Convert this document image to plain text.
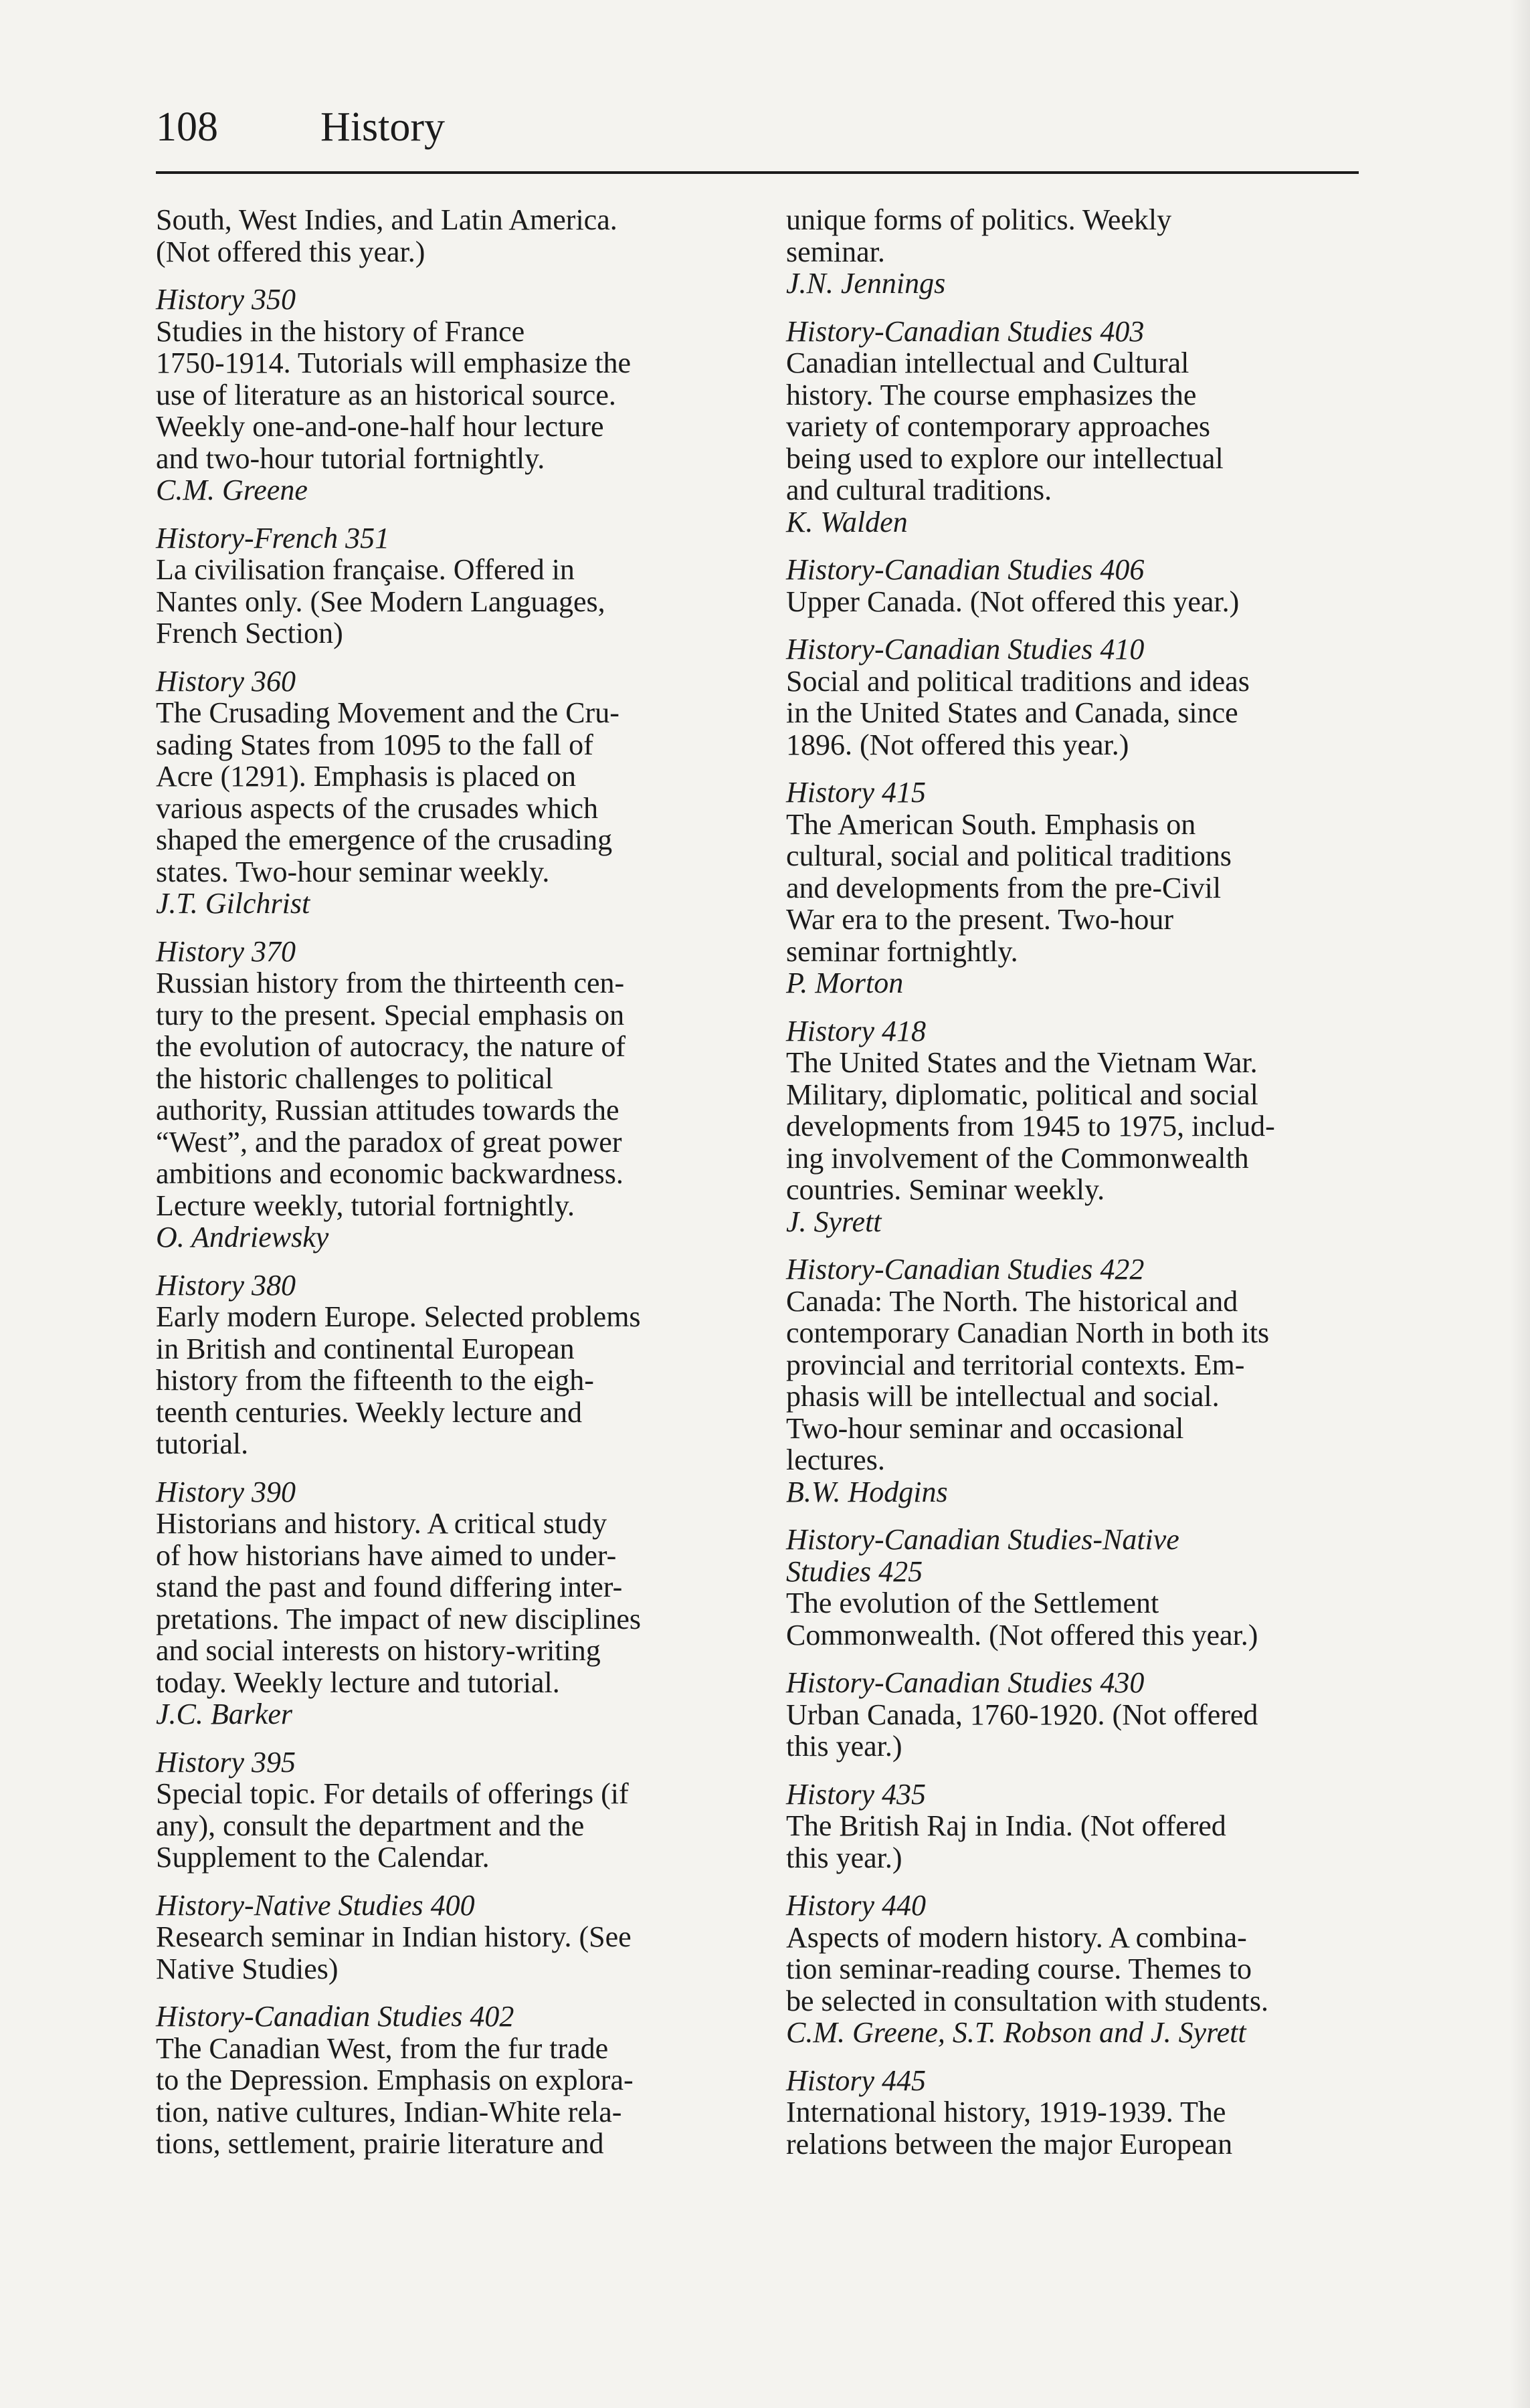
108 History
South, West Indies, and Latin America.
(Not offered this year.)
History 350
Studies in the history of France
1750-1914. Tutorials will emphasize the
use of literature as an historical source.
Weekly one-and-one-half hour lecture
and two-hour tutorial fortnightly.
C.M. Greene
History-French 351
La civilisation française. Offered in
Nantes only. (See Modern Languages,
French Section)
History 360
The Crusading Movement and the Cru-
sading States from 1095 to the fall of
Acre (1291). Emphasis is placed on
various aspects of the crusades which
shaped the emergence of the crusading
states. Two-hour seminar weekly.
J.T. Gilchrist
History 370
Russian history from the thirteenth cen-
tury to the present. Special emphasis on
the evolution of autocracy, the nature of
the historic challenges to political
authority, Russian attitudes towards the
“West”, and the paradox of great power
ambitions and economic backwardness.
Lecture weekly, tutorial fortnightly.
O. Andriewsky
History 380
Early modern Europe. Selected problems
in British and continental European
history from the fifteenth to the eigh-
teenth centuries. Weekly lecture and
tutorial.
History 390
Historians and history. A critical study
of how historians have aimed to under-
stand the past and found differing inter-
pretations. The impact of new disciplines
and social interests on history-writing
today. Weekly lecture and tutorial.
J.C. Barker
History 395
Special topic. For details of offerings (if
any), consult the department and the
Supplement to the Calendar.
History-Native Studies 400
Research seminar in Indian history. (See
Native Studies)
History-Canadian Studies 402
The Canadian West, from the fur trade
to the Depression. Emphasis on explora-
tion, native cultures, Indian-White rela-
tions, settlement, prairie literature and
unique forms of politics. Weekly
seminar.
J.N. Jennings
History-Canadian Studies 403
Canadian intellectual and Cultural
history. The course emphasizes the
variety of contemporary approaches
being used to explore our intellectual
and cultural traditions.
K. Walden
History-Canadian Studies 406
Upper Canada. (Not offered this year.)
History-Canadian Studies 410
Social and political traditions and ideas
in the United States and Canada, since
1896. (Not offered this year.)
History 415
The American South. Emphasis on
cultural, social and political traditions
and developments from the pre-Civil
War era to the present. Two-hour
seminar fortnightly.
P. Morton
History 418
The United States and the Vietnam War.
Military, diplomatic, political and social
developments from 1945 to 1975, includ-
ing involvement of the Commonwealth
countries. Seminar weekly.
J. Syrett
History-Canadian Studies 422
Canada: The North. The historical and
contemporary Canadian North in both its
provincial and territorial contexts. Em-
phasis will be intellectual and social.
Two-hour seminar and occasional
lectures.
B.W. Hodgins
History-Canadian Studies-Native
Studies 425
The evolution of the Settlement
Commonwealth. (Not offered this year.)
History-Canadian Studies 430
Urban Canada, 1760-1920. (Not offered
this year.)
History 435
The British Raj in India. (Not offered
this year.)
History 440
Aspects of modern history. A combina-
tion seminar-reading course. Themes to
be selected in consultation with students.
C.M. Greene, S.T. Robson and J. Syrett
History 445
International history, 1919-1939. The
relations between the major European
